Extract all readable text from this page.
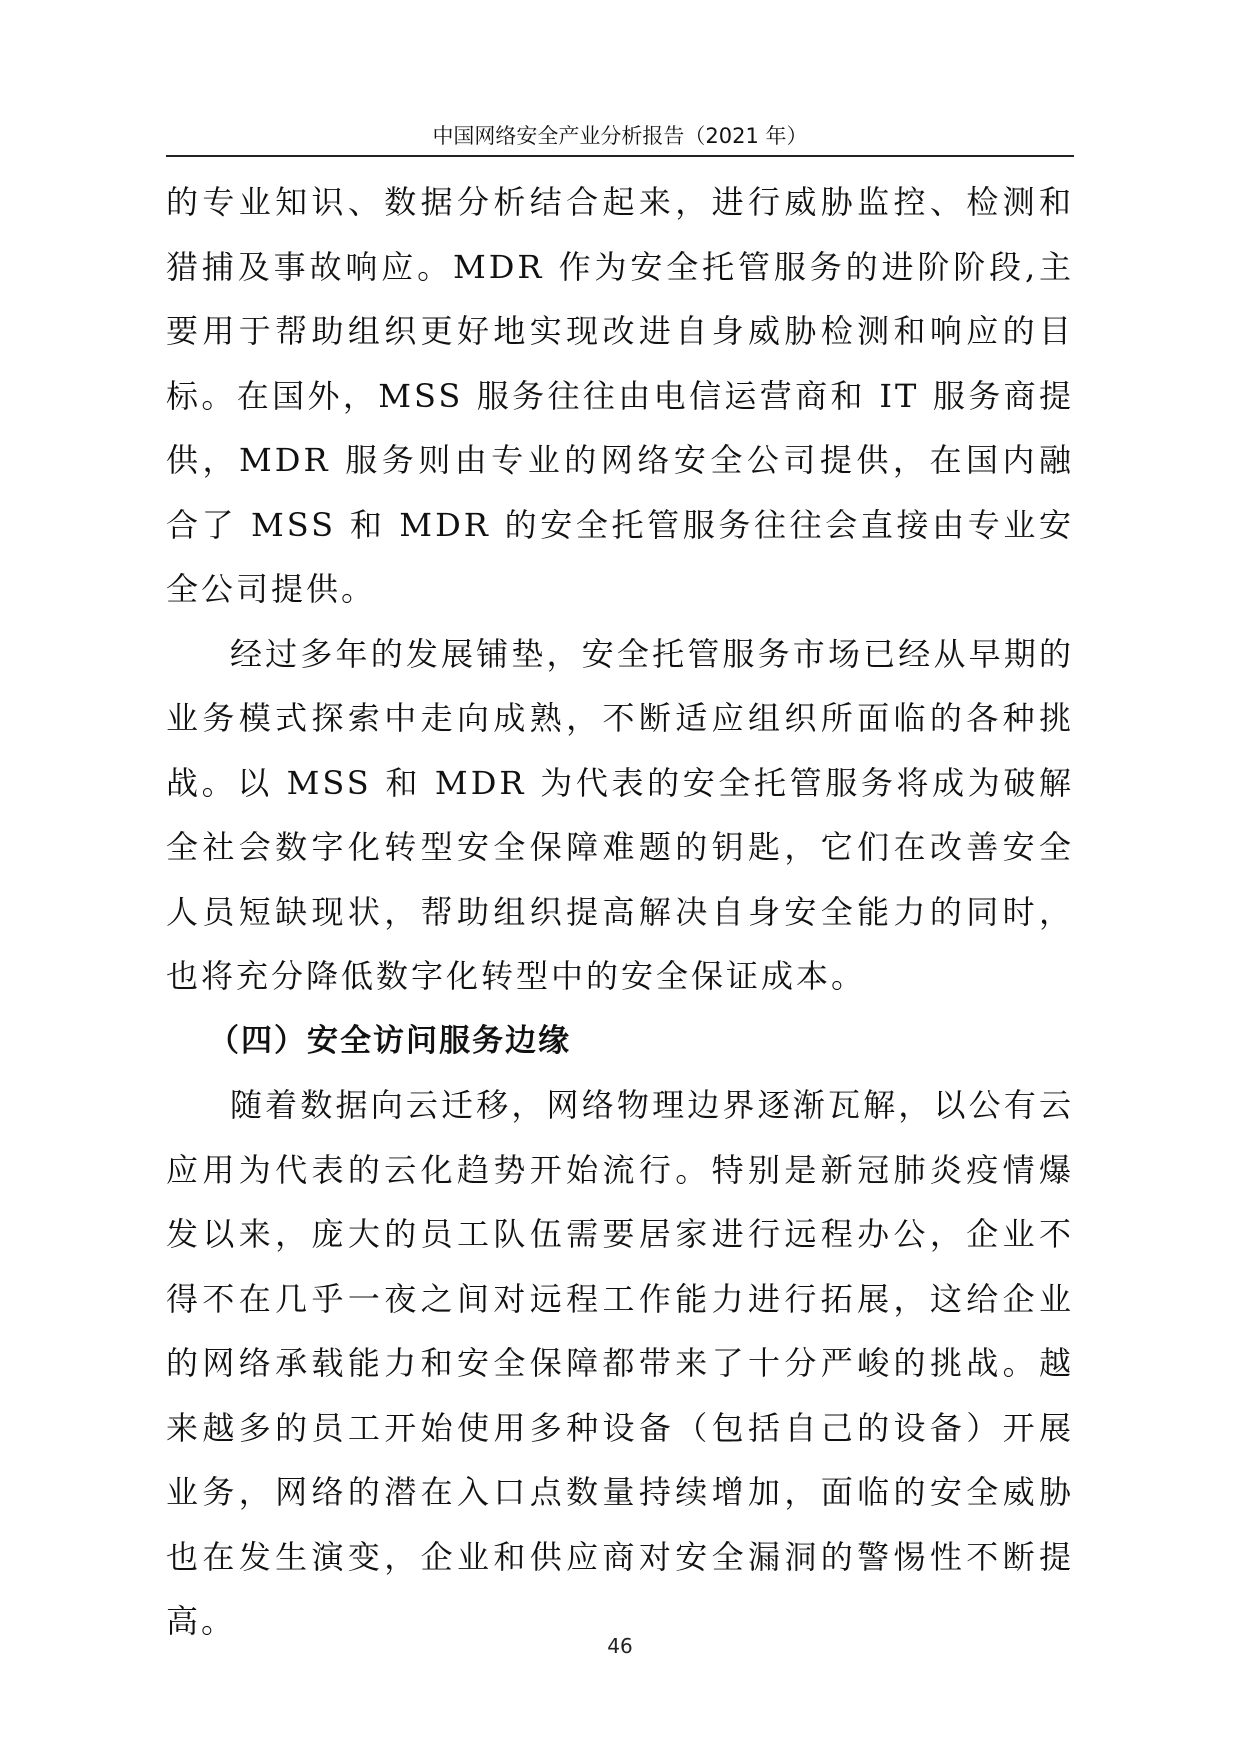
中国网络安全产业分析报告（2021 年）

的专业知识、数据分析结合起来，进行威胁监控、检测和猎捕及事故响应。MDR 作为安全托管服务的进阶阶段,主要用于帮助组织更好地实现改进自身威胁检测和响应的目标。在国外，MSS 服务往往由电信运营商和 IT 服务商提供，MDR 服务则由专业的网络安全公司提供，在国内融合了 MSS 和 MDR 的安全托管服务往往会直接由专业安全公司提供。

经过多年的发展铺垫，安全托管服务市场已经从早期的业务模式探索中走向成熟，不断适应组织所面临的各种挑战。以 MSS 和 MDR 为代表的安全托管服务将成为破解全社会数字化转型安全保障难题的钥匙，它们在改善安全人员短缺现状，帮助组织提高解决自身安全能力的同时，也将充分降低数字化转型中的安全保证成本。

（四）安全访问服务边缘

随着数据向云迁移，网络物理边界逐渐瓦解，以公有云应用为代表的云化趋势开始流行。特别是新冠肺炎疫情爆发以来，庞大的员工队伍需要居家进行远程办公，企业不得不在几乎一夜之间对远程工作能力进行拓展，这给企业的网络承载能力和安全保障都带来了十分严峻的挑战。越来越多的员工开始使用多种设备（包括自己的设备）开展业务，网络的潜在入口点数量持续增加，面临的安全威胁也在发生演变，企业和供应商对安全漏洞的警惕性不断提高。

46
